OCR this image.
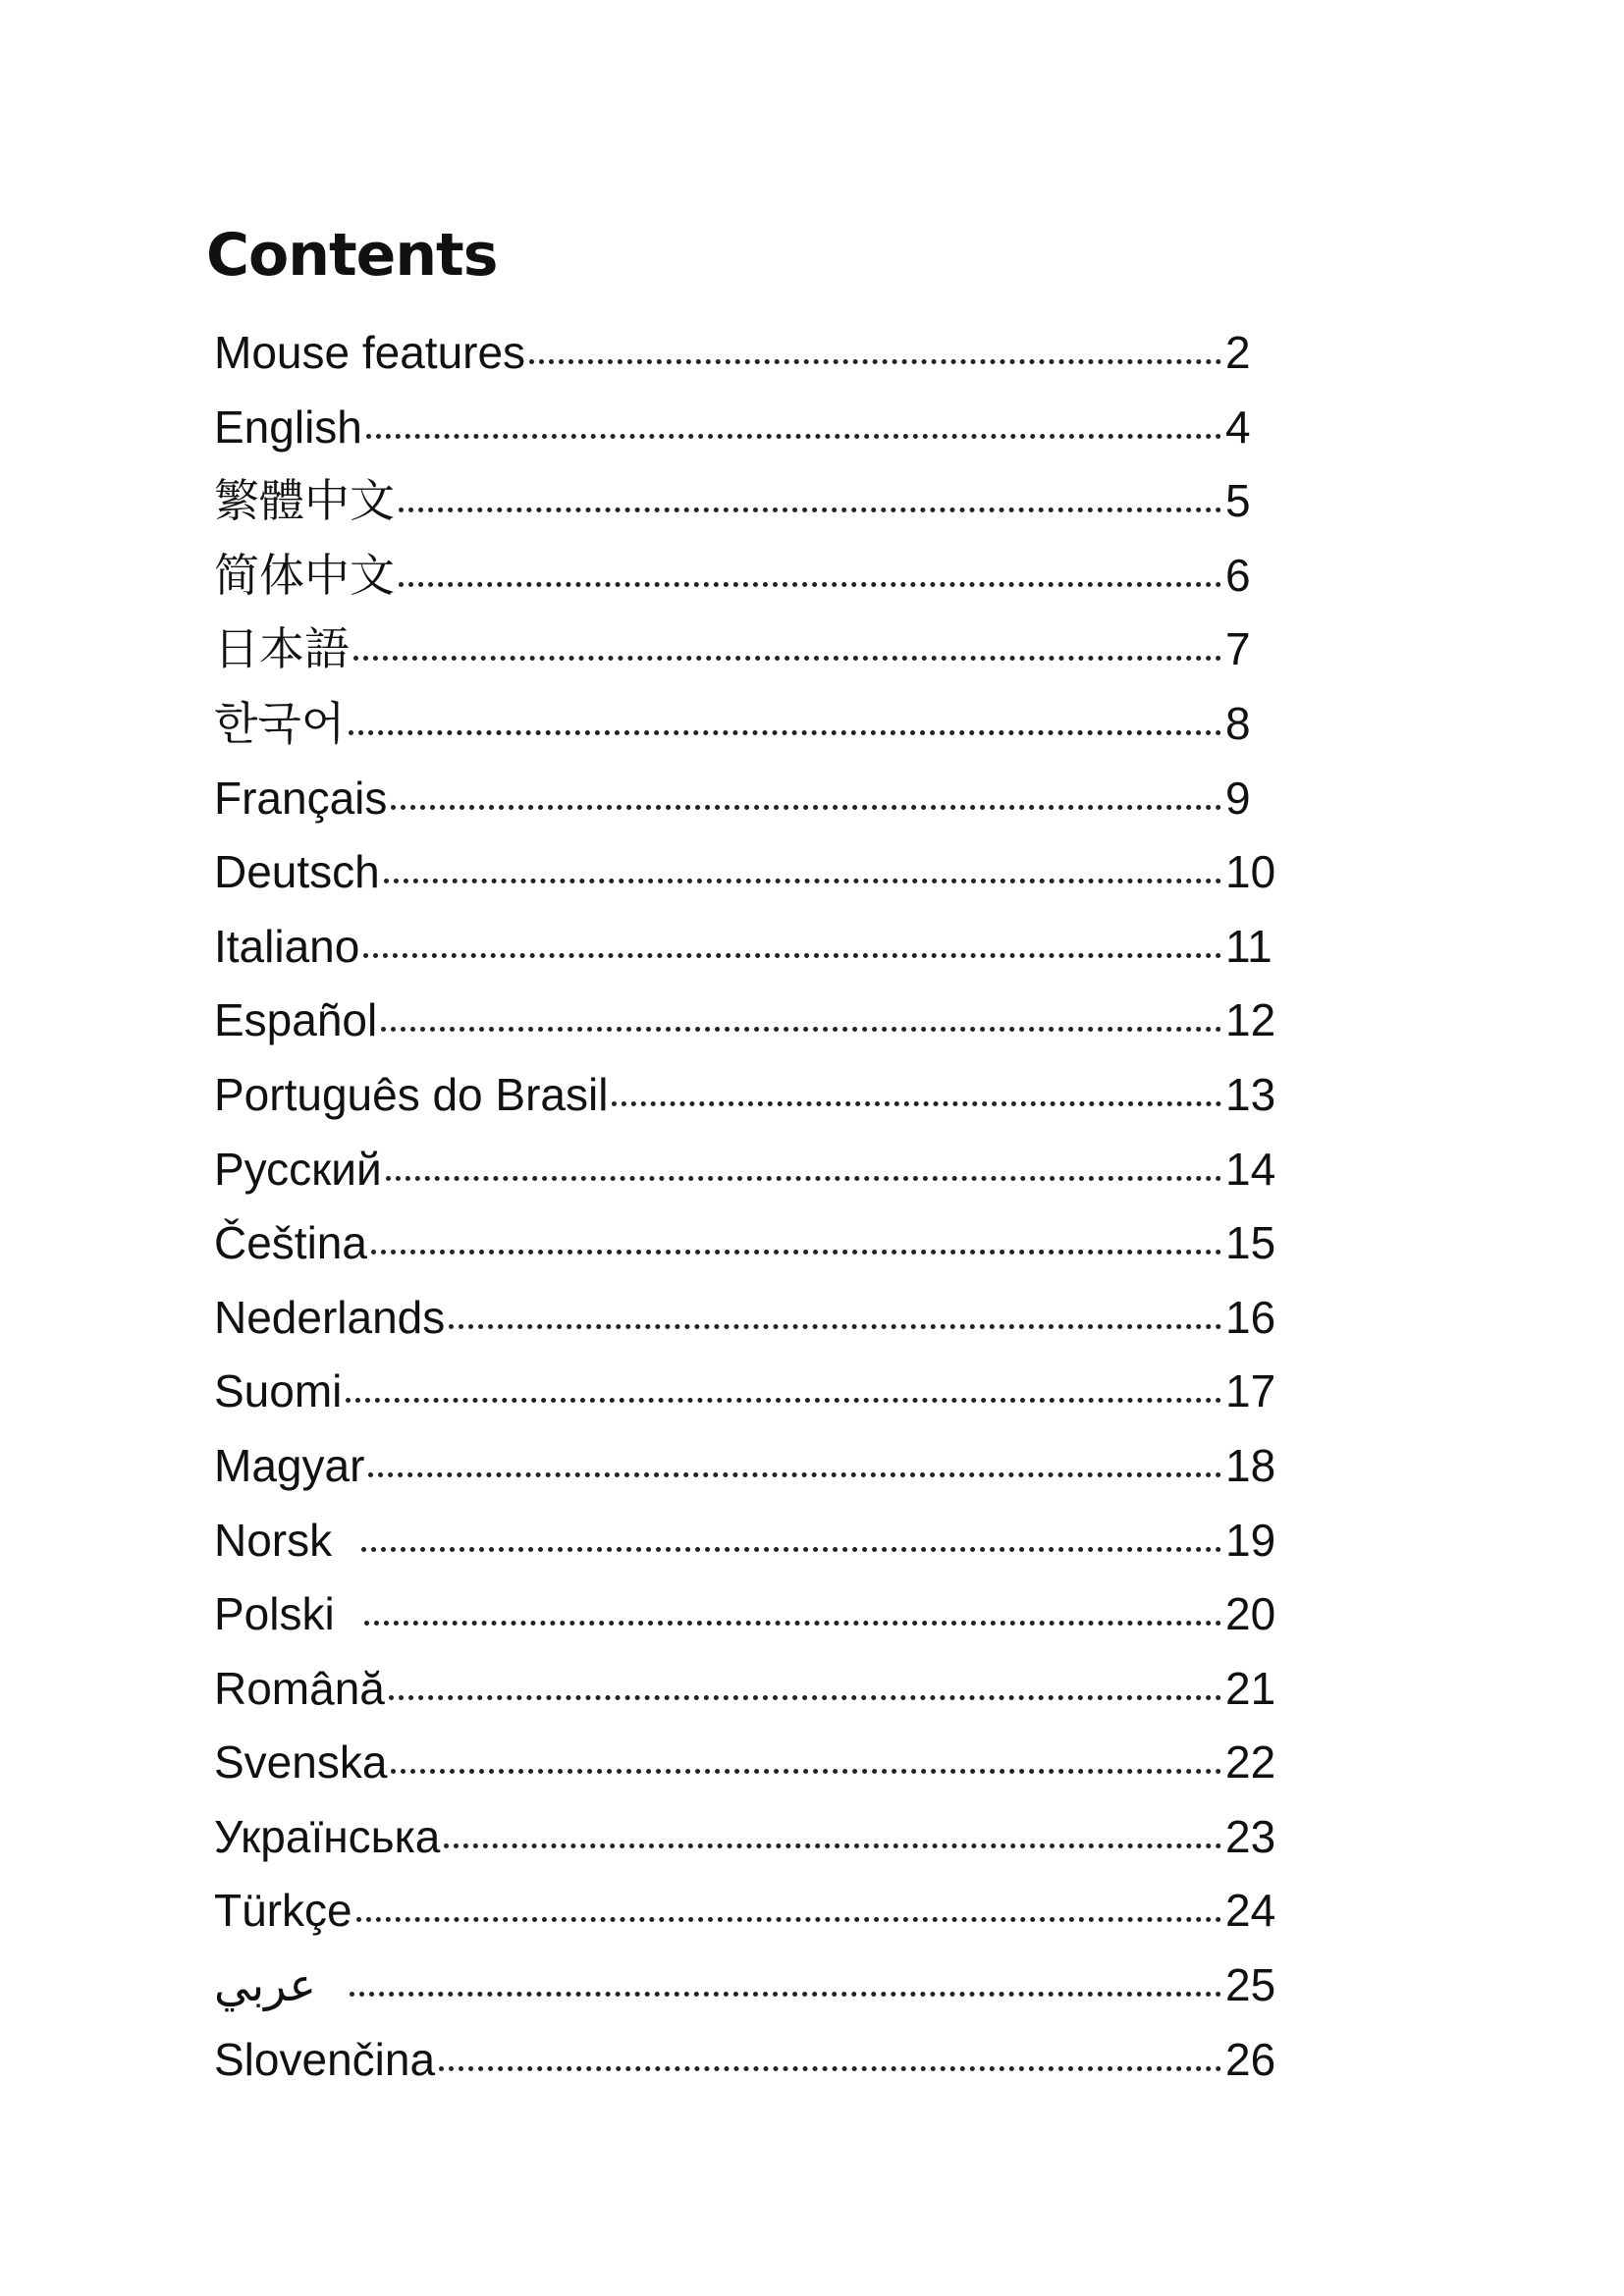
Contents
Mouse features	2
English	4
繁體中文	5
简体中文	6
日本語	7
한국어	8
Français	9
Deutsch	10
Italiano	11
Español	12
Português do Brasil	13
Русский	14
Čeština	15
Nederlands	16
Suomi	17
Magyar	18
Norsk	19
Polski	20
Română	21
Svenska	22
Українська	23
Türkçe	24
عربي	25
Slovenčina	26
